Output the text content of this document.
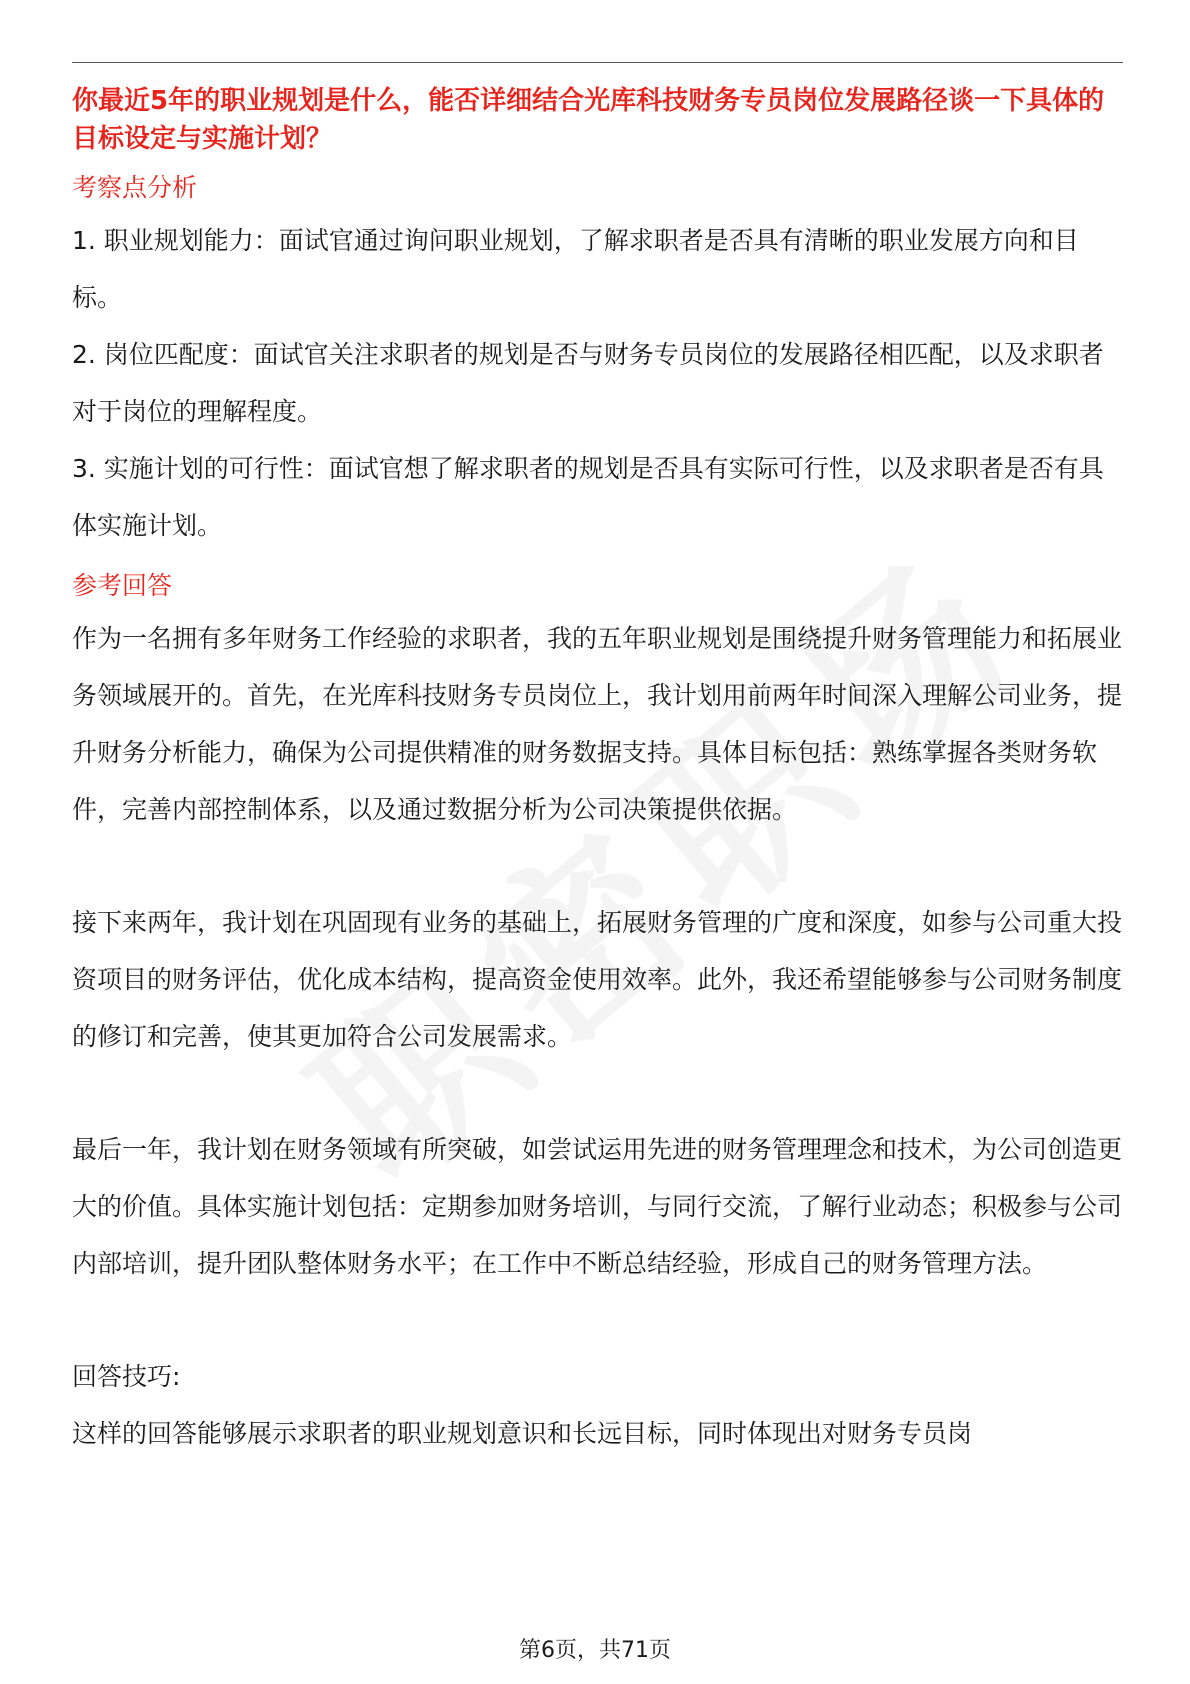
你最近5年的职业规划是什么，能否详细结合光库科技财务专员岗位发展路径谈一下具体的目标设定与实施计划？

考察点分析

1. 职业规划能力：面试官通过询问职业规划，了解求职者是否具有清晰的职业发展方向和目标。

2. 岗位匹配度：面试官关注求职者的规划是否与财务专员岗位的发展路径相匹配，以及求职者对于岗位的理解程度。

3. 实施计划的可行性：面试官想了解求职者的规划是否具有实际可行性，以及求职者是否有具体实施计划。

参考回答

作为一名拥有多年财务工作经验的求职者，我的五年职业规划是围绕提升财务管理能力和拓展业务领域展开的。首先，在光库科技财务专员岗位上，我计划用前两年时间深入理解公司业务，提升财务分析能力，确保为公司提供精准的财务数据支持。具体目标包括：熟练掌握各类财务软件，完善内部控制体系，以及通过数据分析为公司决策提供依据。

接下来两年，我计划在巩固现有业务的基础上，拓展财务管理的广度和深度，如参与公司重大投资项目的财务评估，优化成本结构，提高资金使用效率。此外，我还希望能够参与公司财务制度的修订和完善，使其更加符合公司发展需求。

最后一年，我计划在财务领域有所突破，如尝试运用先进的财务管理理念和技术，为公司创造更大的价值。具体实施计划包括：定期参加财务培训，与同行交流，了解行业动态；积极参与公司内部培训，提升团队整体财务水平；在工作中不断总结经验，形成自己的财务管理方法。

回答技巧:

这样的回答能够展示求职者的职业规划意识和长远目标，同时体现出对财务专员岗

第6页，共71页
